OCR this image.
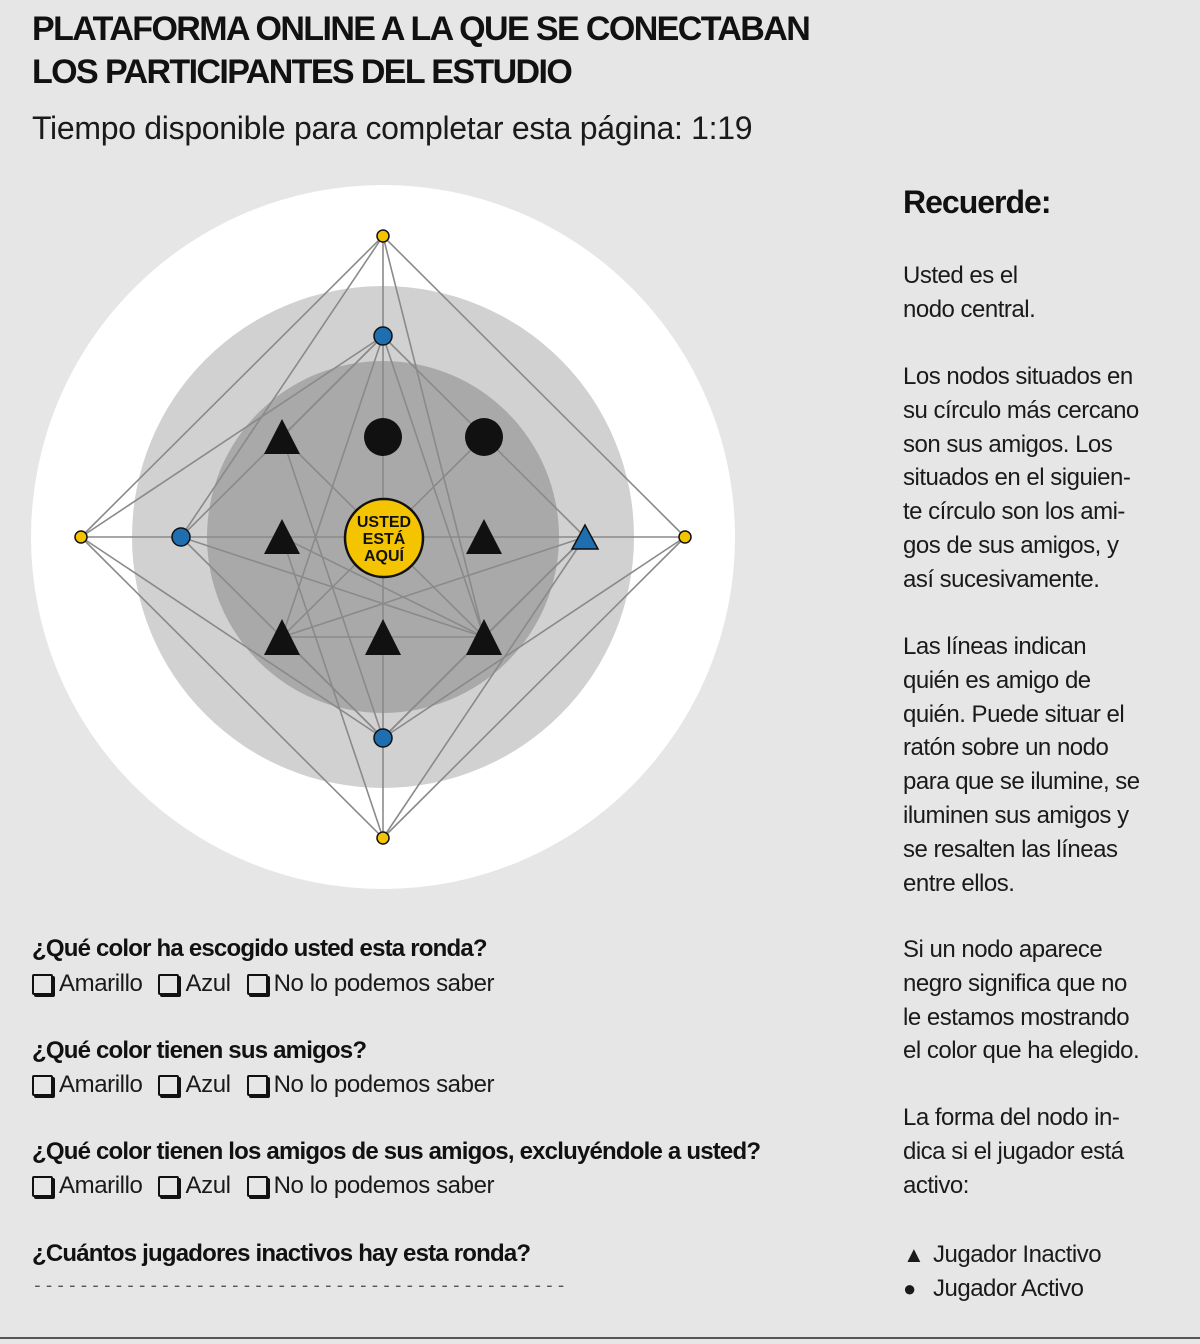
PLATAFORMA ONLINE A LA QUE SE CONECTABAN
LOS PARTICIPANTES DEL ESTUDIO

Tiempo disponible para completar esta página: 1:19

USTED
ESTÁ
AQUÍ
Recuerde:

Usted es el
nodo central.

Los nodos situados en
su círculo más cercano
son sus amigos. Los
situados en el siguien-
te círculo son los ami-
gos de sus amigos, y
así sucesivamente.

Las líneas indican
quién es amigo de
quién. Puede situar el
ratón sobre un nodo
para que se ilumine, se
iluminen sus amigos y
se resalten las líneas
entre ellos.

Si un nodo aparece
negro significa que no
le estamos mostrando
el color que ha elegido.

La forma del nodo in-
dica si el jugador está
activo:

▲ Jugador Inactivo
● Jugador Activo

¿Qué color ha escogido usted esta ronda?

Amarillo Azul No lo podemos saber

¿Qué color tienen sus amigos?

Amarillo Azul No lo podemos saber

¿Qué color tienen los amigos de sus amigos, excluyéndole a usted?

Amarillo Azul No lo podemos saber

¿Cuántos jugadores inactivos hay esta ronda?

----------------------------------------------
